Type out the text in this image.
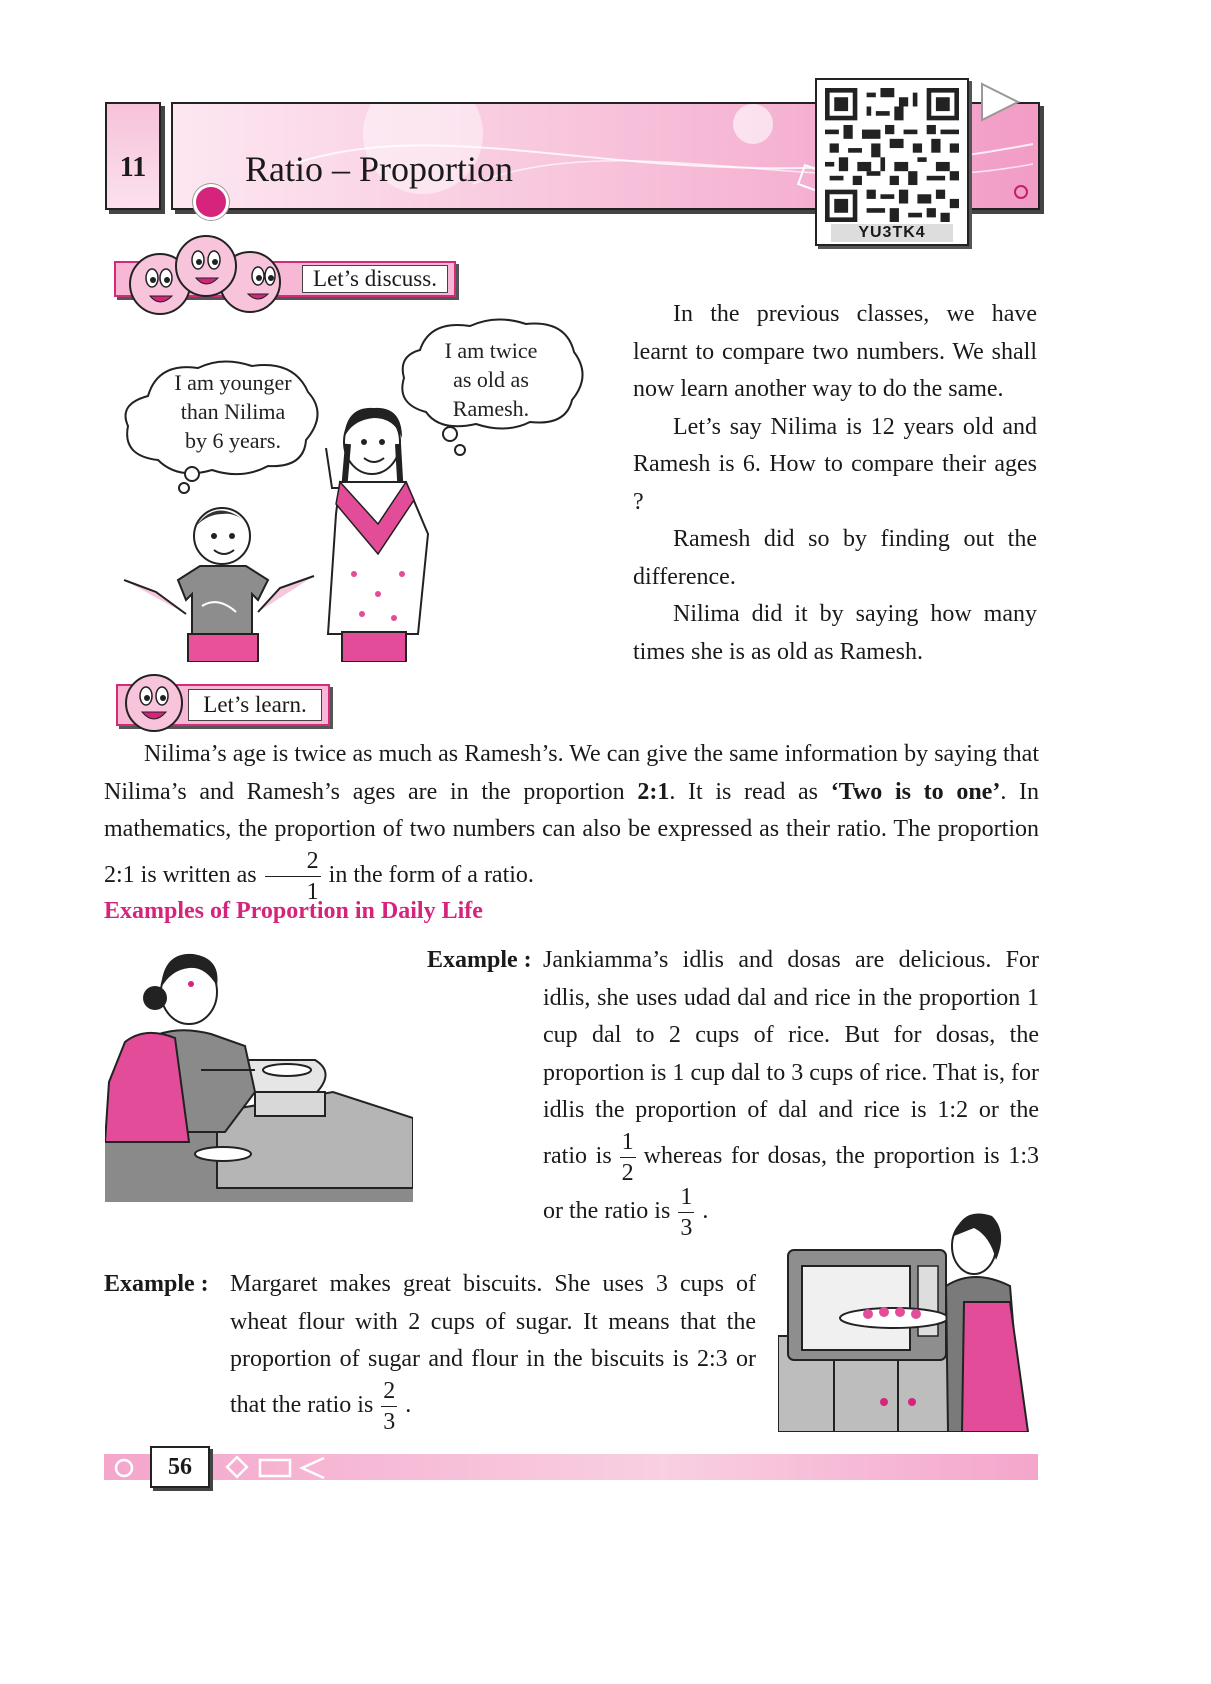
11	Ratio – Proportion
YU3TK4
Let’s discuss.
I am younger
than Nilima
by 6 years.
I am twice
as old as
Ramesh.

In the previous classes, we have learnt to compare two numbers. We shall now learn another way to do the same.

Let’s say Nilima is 12 years old and Ramesh is 6. How to compare their ages ?

Ramesh did so by finding out the difference.

Nilima did it by saying how many times she is as old as Ramesh.

Let’s learn.

Nilima’s age is twice as much as Ramesh’s. We can give the same information by saying that Nilima’s and Ramesh’s ages are in the proportion 2:1. It is read as ‘Two is to one’. In mathematics, the proportion of two numbers can also be expressed as their ratio. The proportion 2:1 is written as $\frac{2}{1}$ in the form of a ratio.

Examples of Proportion in Daily Life
Example : Jankiamma’s idlis and dosas are delicious. For idlis, she uses udad dal and rice in the proportion 1 cup dal to 2 cups of rice. But for dosas, the proportion is 1 cup dal to 3 cups of rice. That is, for idlis the proportion of dal and rice is 1:2 or the ratio is $\frac{1}{2}$ whereas for dosas, the proportion is 1:3 or the ratio is $\frac{1}{3}$ .

Example : Margaret makes great biscuits. She uses 3 cups of wheat flour with 2 cups of sugar. It means that the proportion of sugar and flour in the biscuits is 2:3 or that the ratio is $\frac{2}{3}$ .

56
